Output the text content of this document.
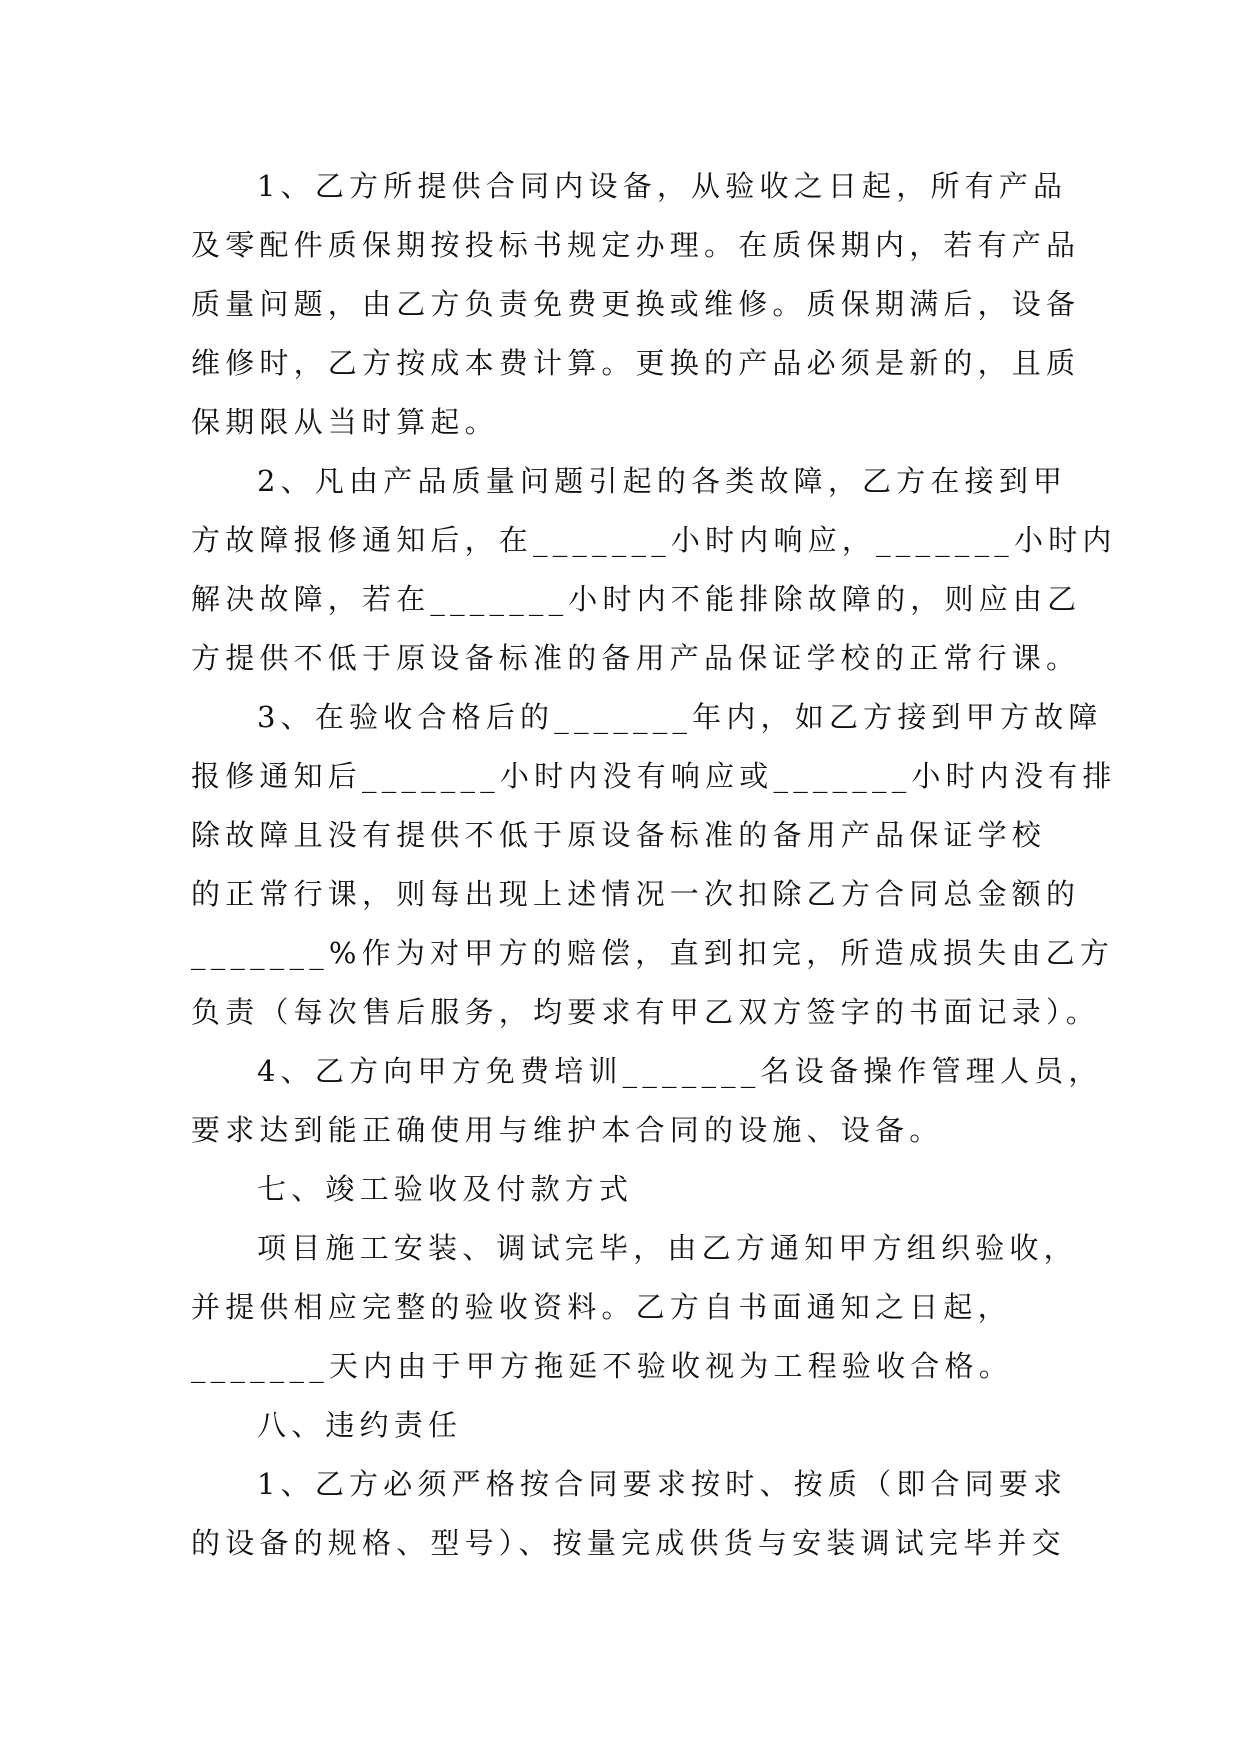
1、乙方所提供合同内设备，从验收之日起，所有产品
及零配件质保期按投标书规定办理。在质保期内，若有产品
质量问题，由乙方负责免费更换或维修。质保期满后，设备
维修时，乙方按成本费计算。更换的产品必须是新的，且质
保期限从当时算起。
2、凡由产品质量问题引起的各类故障，乙方在接到甲
方故障报修通知后，在_______小时内响应，_______小时内
解决故障，若在_______小时内不能排除故障的，则应由乙
方提供不低于原设备标准的备用产品保证学校的正常行课。
3、在验收合格后的_______年内，如乙方接到甲方故障
报修通知后_______小时内没有响应或_______小时内没有排
除故障且没有提供不低于原设备标准的备用产品保证学校
的正常行课，则每出现上述情况一次扣除乙方合同总金额的
_______%作为对甲方的赔偿，直到扣完，所造成损失由乙方
负责（每次售后服务，均要求有甲乙双方签字的书面记录）。
4、乙方向甲方免费培训_______名设备操作管理人员，
要求达到能正确使用与维护本合同的设施、设备。
七、竣工验收及付款方式
项目施工安装、调试完毕，由乙方通知甲方组织验收，
并提供相应完整的验收资料。乙方自书面通知之日起，
_______天内由于甲方拖延不验收视为工程验收合格。
八、违约责任
1、乙方必须严格按合同要求按时、按质（即合同要求
的设备的规格、型号）、按量完成供货与安装调试完毕并交
